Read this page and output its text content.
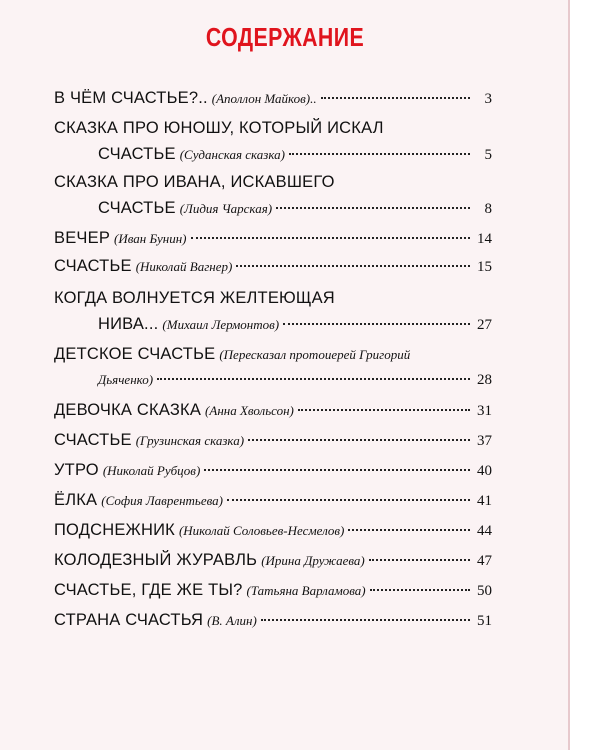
СОДЕРЖАНИЕ
В ЧЁМ СЧАСТЬЕ?.. (Аполлон Майков)..	3
СКАЗКА ПРО ЮНОШУ, КОТОРЫЙ ИСКАЛ
СЧАСТЬЕ (Суданская сказка)	5
СКАЗКА ПРО ИВАНА, ИСКАВШЕГО
СЧАСТЬЕ (Лидия Чарская)	8
ВЕЧЕР (Иван Бунин)	14
СЧАСТЬЕ (Николай Вагнер)	15
КОГДА ВОЛНУЕТСЯ ЖЕЛТЕЮЩАЯ
НИВА... (Михаил Лермонтов)	27
ДЕТСКОЕ СЧАСТЬЕ (Пересказал протоиерей Григорий
Дьяченко)	28
ДЕВОЧКА СКАЗКА (Анна Хвольсон)	31
СЧАСТЬЕ (Грузинская сказка)	37
УТРО (Николай Рубцов)	40
ЁЛКА (София Лаврентьева)	41
ПОДСНЕЖНИК (Николай Соловьев-Несмелов)	44
КОЛОДЕЗНЫЙ ЖУРАВЛЬ (Ирина Дружаева)	47
СЧАСТЬЕ, ГДЕ ЖЕ ТЫ? (Татьяна Варламова)	50
СТРАНА СЧАСТЬЯ (В. Алин)	51
